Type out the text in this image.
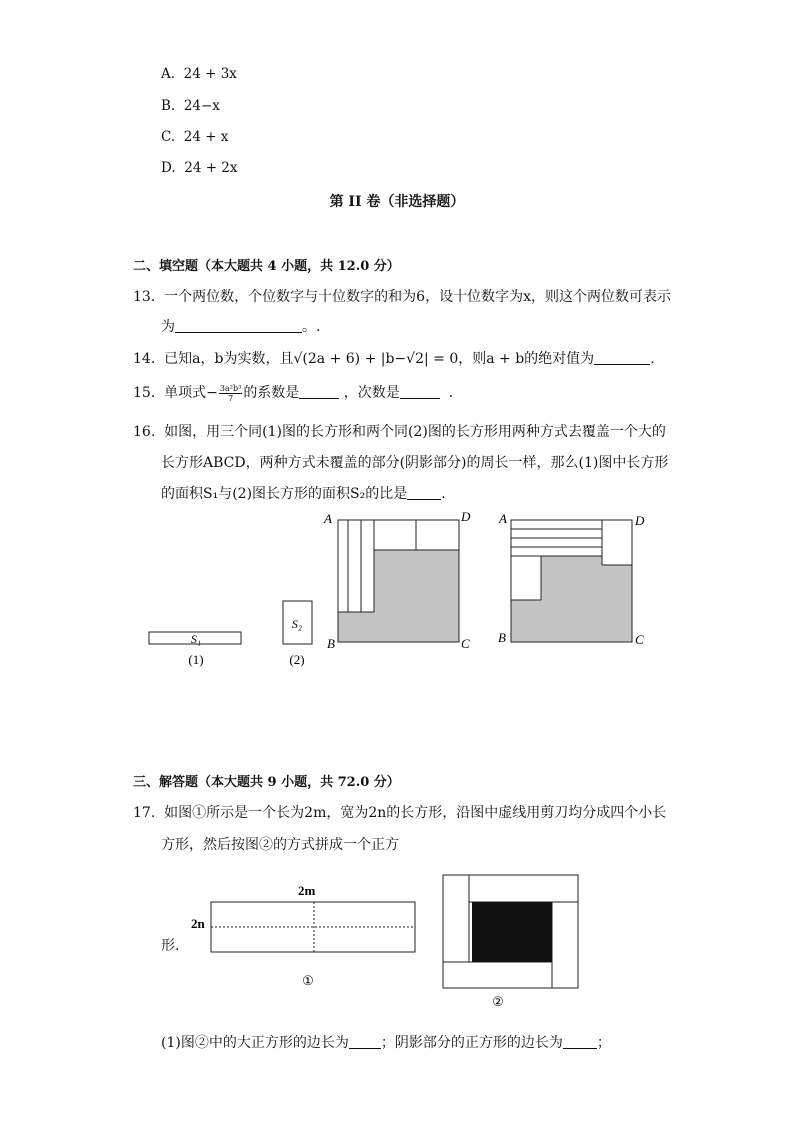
A. 24 + 3x
B. 24−x
C. 24 + x
D. 24 + 2x
第 II 卷（非选择题）
二、填空题（本大题共 4 小题，共 12.0 分）
13. 一个两位数，个位数字与十位数字的和为6，设十位数字为x，则这个两位数可表示
为	。.
14. 已知a，b为实数，且√(2a + 6) + |b−√2| = 0，则a + b的绝对值为	.
15. 单项式− $\frac{\text{3a²b³}}{7}$ 的系数是	，次数是	.
16. 如图，用三个同(1)图的长方形和两个同(2)图的长方形用两种方式去覆盖一个大的
长方形ABCD，两种方式未覆盖的部分(阴影部分)的周长一样，那么(1)图中长方形
的面积S₁与(2)图长方形的面积S₂的比是 .
S₁
(1)
S₂
(2)
A	D
B	C
A	D
B	C
2m
2n
①
②
三、解答题（本大题共 9 小题，共 72.0 分）
17. 如图①所示是一个长为2m，宽为2n的长方形，沿图中虚线用剪刀均分成四个小长
方形，然后按图②的方式拼成一个正方
形.
(1)图②中的大正方形的边长为 ；阴影部分的正方形的边长为 ；
